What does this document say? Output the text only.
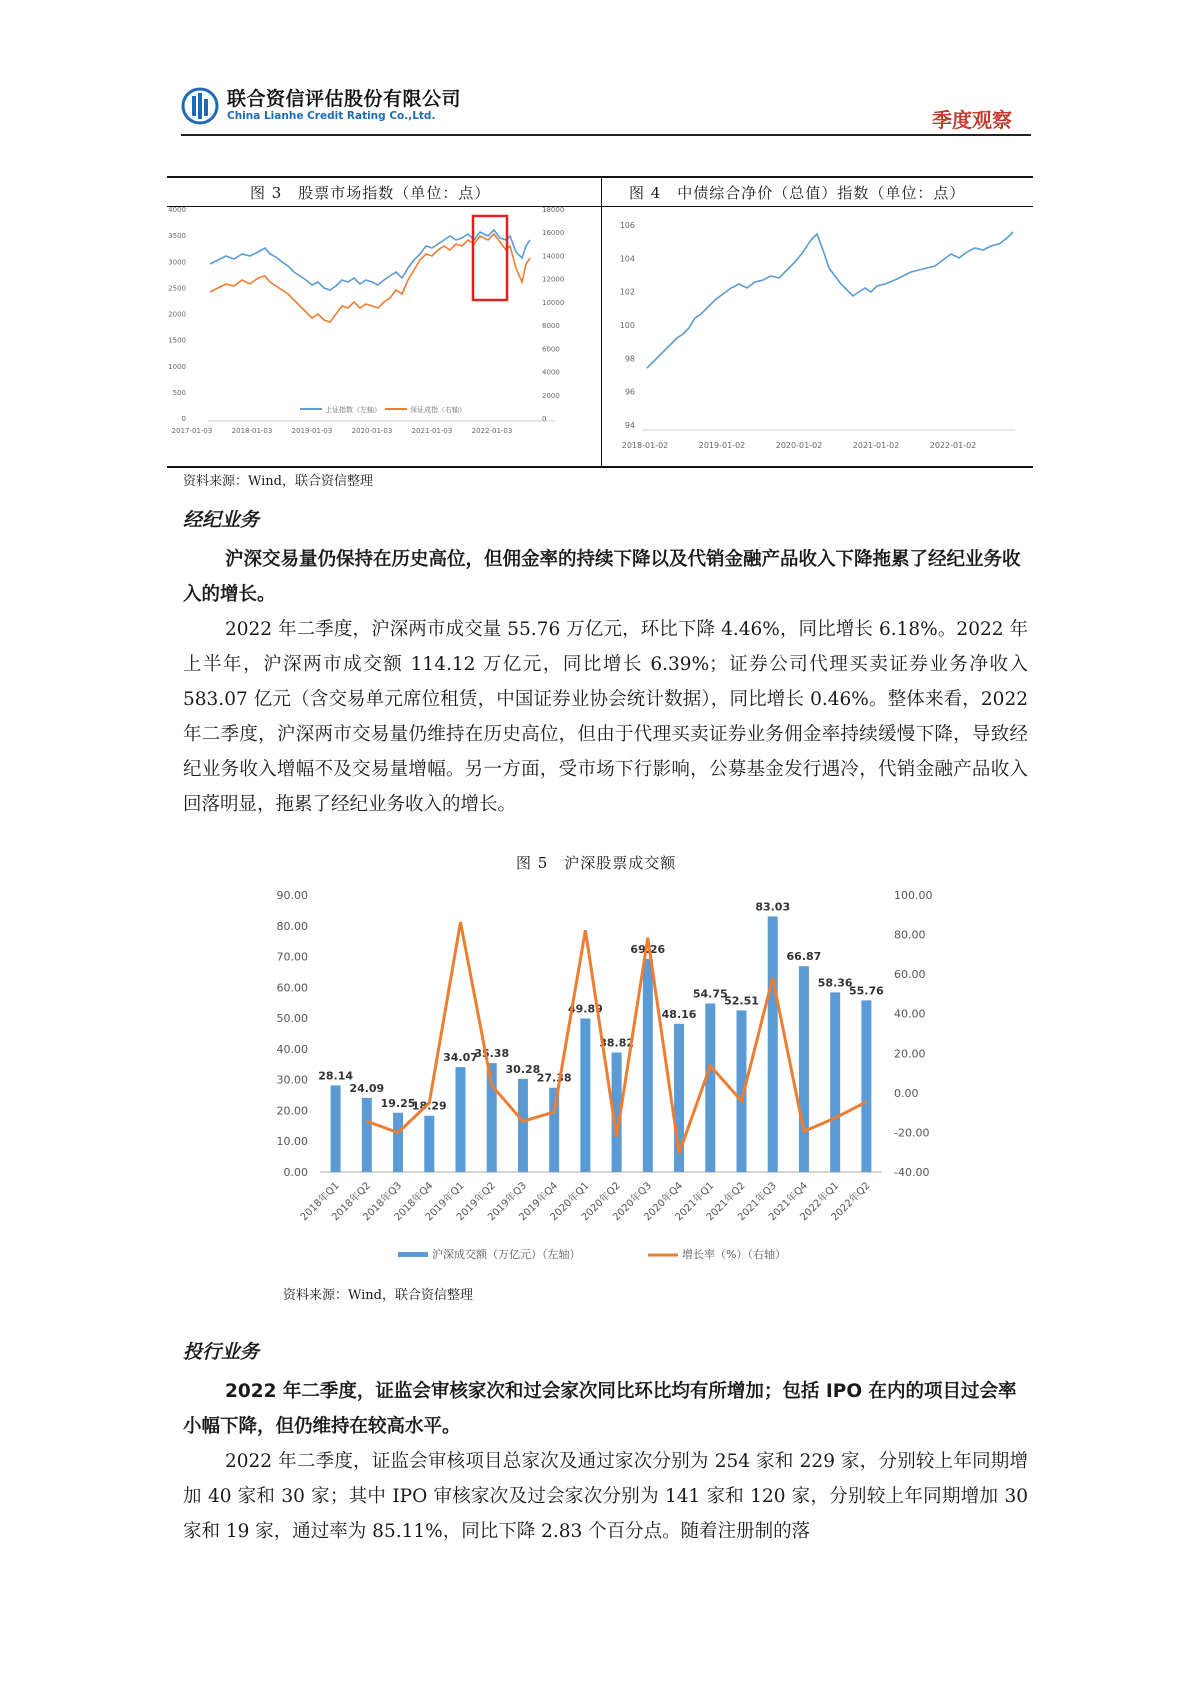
联合资信评估股份有限公司
China Lianhe Credit Rating Co.,Ltd.	季度观察
图 3　股票市场指数（单位：点）	图 4　中债综合净价（总值）指数（单位：点）
4000
3500
3000
2500
2000
1500
1000
500
0
18000
16000
14000
12000
10000
8000
6000
4000
2000
0
2017-01-03	2018-01-03	2019-01-03	2020-01-03	2021-01-03	2022-01-03
上证指数（左轴）	深证成指（右轴）
106
104
102
100
98
96
94
2018-01-02	2019-01-02	2020-01-02	2021-01-02	2022-01-02
资料来源：Wind，联合资信整理
经纪业务
沪深交易量仍保持在历史高位，但佣金率的持续下降以及代销金融产品收入下降拖累了经纪业务收入的增长。
2022 年二季度，沪深两市成交量 55.76 万亿元，环比下降 4.46%，同比增长 6.18%。2022 年上半年，沪深两市成交额 114.12 万亿元，同比增长 6.39%；证券公司代理买卖证券业务净收入 583.07 亿元（含交易单元席位租赁，中国证券业协会统计数据），同比增长 0.46%。整体来看，2022 年二季度，沪深两市交易量仍维持在历史高位，但由于代理买卖证券业务佣金率持续缓慢下降，导致经纪业务收入增幅不及交易量增幅。另一方面，受市场下行影响，公募基金发行遇冷，代销金融产品收入回落明显，拖累了经纪业务收入的增长。
图 5　沪深股票成交额
90.00
80.00
70.00
60.00
50.00
40.00
30.00
20.00
10.00
0.00
100.00
80.00
60.00
40.00
20.00
0.00
-20.00
-40.00
28.14
24.09
19.25
18.29
34.07
35.38
30.28
27.38
49.89
38.82
69.26
48.16
54.75
52.51
83.03
66.87
58.36
55.76
2018年Q1
2018年Q2
2018年Q3
2018年Q4
2019年Q1
2019年Q2
2019年Q3
2019年Q4
2020年Q1
2020年Q2
2020年Q3
2020年Q4
2021年Q1
2021年Q2
2021年Q3
2021年Q4
2022年Q1
2022年Q2
沪深成交额（万亿元）（左轴）	增长率（%）（右轴）
资料来源：Wind，联合资信整理
投行业务
2022 年二季度，证监会审核家次和过会家次同比环比均有所增加；包括 IPO 在内的项目过会率小幅下降，但仍维持在较高水平。
2022 年二季度，证监会审核项目总家次及通过家次分别为 254 家和 229 家，分别较上年同期增加 40 家和 30 家；其中 IPO 审核家次及过会家次分别为 141 家和 120 家，分别较上年同期增加 30 家和 19 家，通过率为 85.11%，同比下降 2.83 个百分点。随着注册制的落
